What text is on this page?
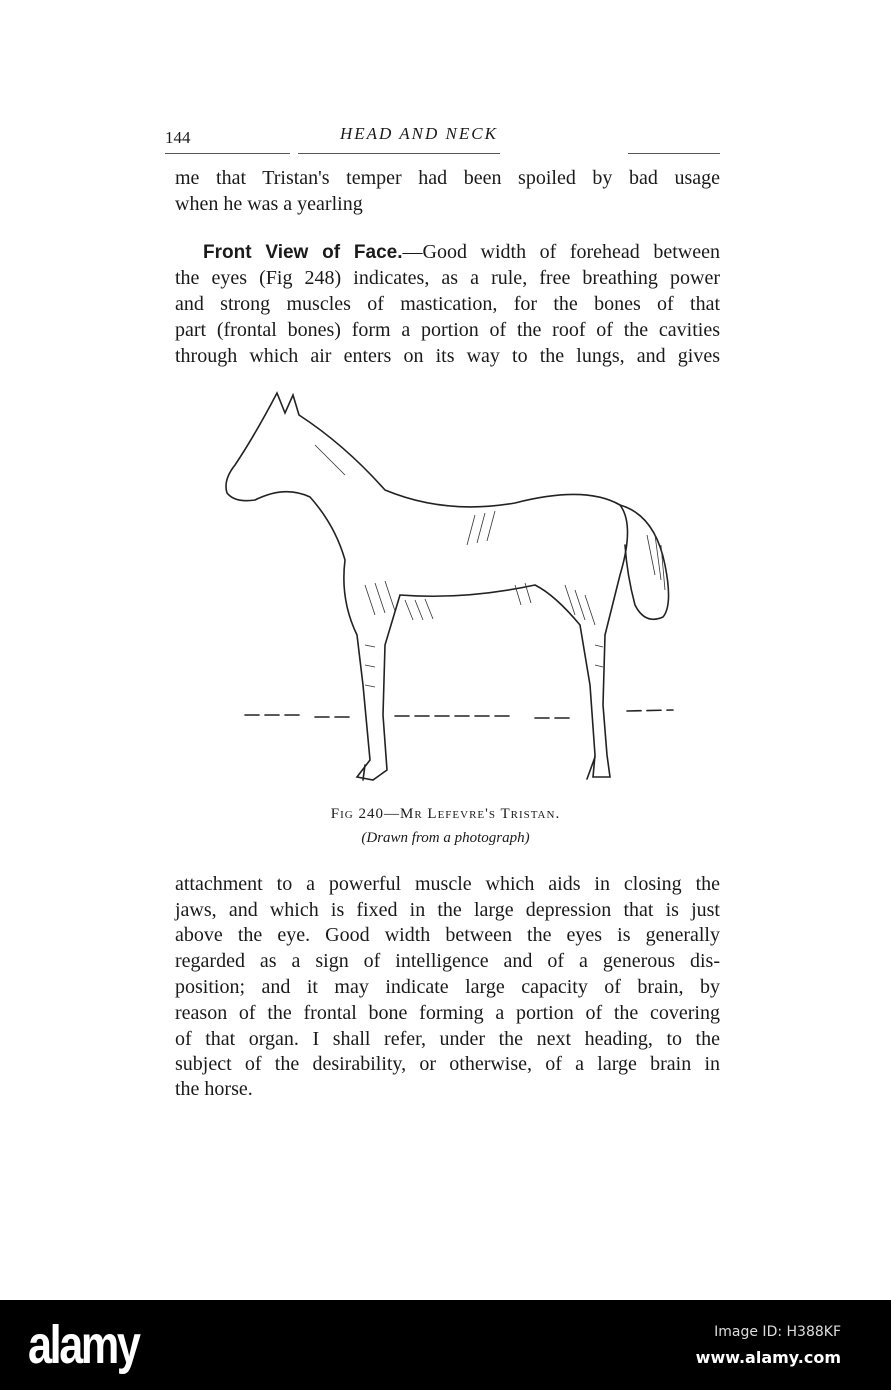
144	HEAD AND NECK
me that Tristan's temper had been spoiled by bad usage
when he was a yearling
Front View of Face.—Good width of forehead between
the eyes (Fig 248) indicates, as a rule, free breathing power
and strong muscles of mastication, for the bones of that
part (frontal bones) form a portion of the roof of the cavities
through which air enters on its way to the lungs, and gives
Fig 240—Mr Lefevre's Tristan.
(Drawn from a photograph)
attachment to a powerful muscle which aids in closing the
jaws, and which is fixed in the large depression that is just
above the eye. Good width between the eyes is generally
regarded as a sign of intelligence and of a generous dis-
position; and it may indicate large capacity of brain, by
reason of the frontal bone forming a portion of the covering
of that organ. I shall refer, under the next heading, to the
subject of the desirability, or otherwise, of a large brain in
the horse.
alamy	Image ID: H388KF
www.alamy.com
